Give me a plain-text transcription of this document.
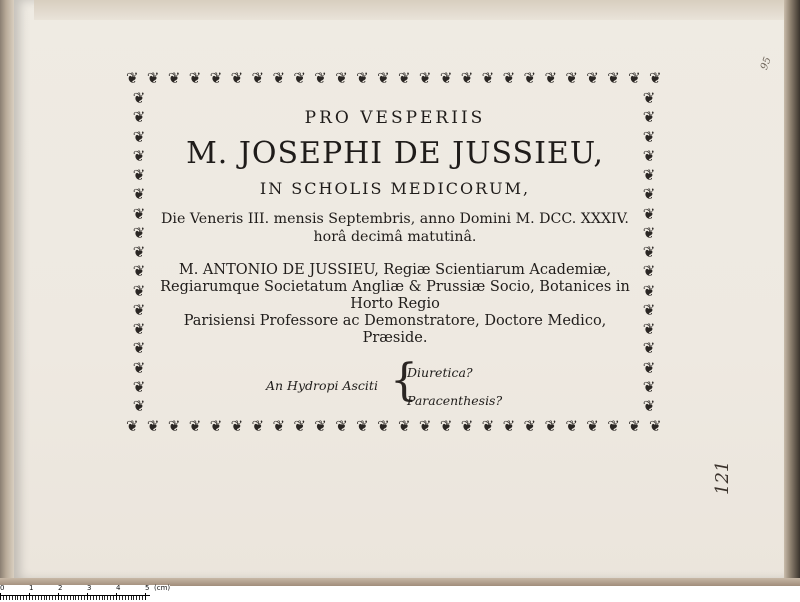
❦ ❦ ❦ ❦ ❦ ❦ ❦ ❦ ❦ ❦ ❦ ❦ ❦ ❦ ❦ ❦ ❦ ❦ ❦ ❦ ❦ ❦ ❦ ❦ ❦ ❦
❦ ❦ ❦ ❦ ❦ ❦ ❦ ❦ ❦ ❦ ❦ ❦ ❦ ❦ ❦ ❦ ❦ ❦ ❦ ❦ ❦ ❦ ❦ ❦ ❦ ❦
❦
❦
❦
❦
❦
❦
❦
❦
❦
❦
❦
❦
❦
❦
❦
❦
❦
❦
❦
❦
❦
❦
❦
❦
❦
❦
❦
❦
❦
❦
❦
❦
❦
❦
PRO VESPERIIS
M. JOSEPHI DE JUSSIEU,
IN SCHOLIS MEDICORUM,
Die Veneris III. mensis Septembris, anno Domini M. DCC. XXXIV.
horâ decimâ matutinâ.
M. ANTONIO DE JUSSIEU, Regiæ Scientiarum Academiæ,
Regiarumque Societatum Angliæ & Prussiæ Socio, Botanices in Horto Regio
Parisiensi Professore ac Demonstratore, Doctore Medico, Præside.
An Hydropi Asciti {
Diuretica?
Paracenthesis?
121
95
0	1	2	3	4	5 (cm)
